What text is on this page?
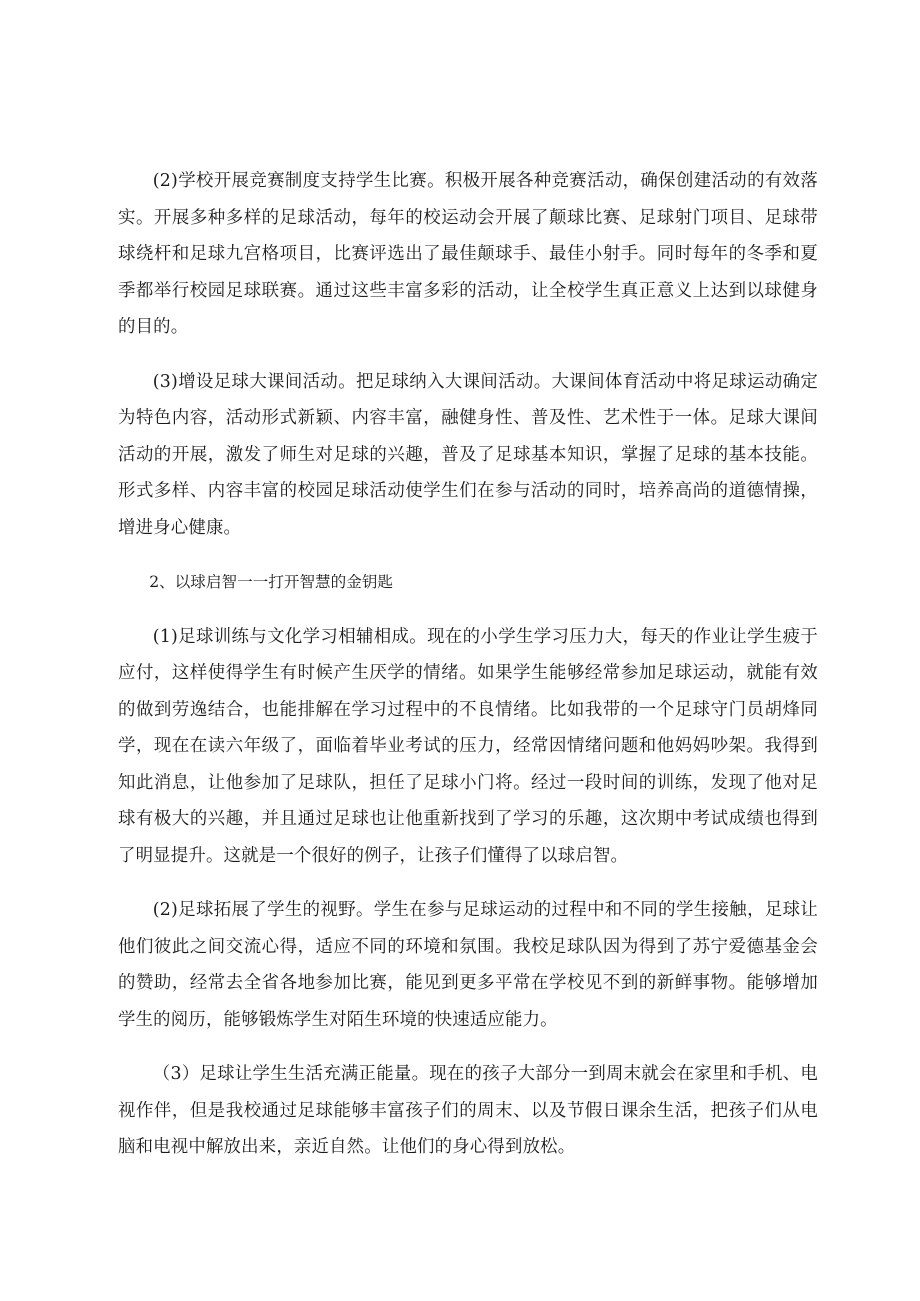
(2)学校开展竞赛制度支持学生比赛。积极开展各种竞赛活动，确保创建活动的有效落实。开展多种多样的足球活动，每年的校运动会开展了颠球比赛、足球射门项目、足球带球绕杆和足球九宫格项目，比赛评选出了最佳颠球手、最佳小射手。同时每年的冬季和夏季都举行校园足球联赛。通过这些丰富多彩的活动，让全校学生真正意义上达到以球健身的目的。

(3)增设足球大课间活动。把足球纳入大课间活动。大课间体育活动中将足球运动确定为特色内容，活动形式新颖、内容丰富，融健身性、普及性、艺术性于一体。足球大课间活动的开展，激发了师生对足球的兴趣，普及了足球基本知识，掌握了足球的基本技能。形式多样、内容丰富的校园足球活动使学生们在参与活动的同时，培养高尚的道德情操，增进身心健康。

2、以球启智一一打开智慧的金钥匙

(1)足球训练与文化学习相辅相成。现在的小学生学习压力大，每天的作业让学生疲于应付，这样使得学生有时候产生厌学的情绪。如果学生能够经常参加足球运动，就能有效的做到劳逸结合，也能排解在学习过程中的不良情绪。比如我带的一个足球守门员胡烽同学，现在在读六年级了，面临着毕业考试的压力，经常因情绪问题和他妈妈吵架。我得到知此消息，让他参加了足球队，担任了足球小门将。经过一段时间的训练，发现了他对足球有极大的兴趣，并且通过足球也让他重新找到了学习的乐趣，这次期中考试成绩也得到了明显提升。这就是一个很好的例子，让孩子们懂得了以球启智。

(2)足球拓展了学生的视野。学生在参与足球运动的过程中和不同的学生接触，足球让他们彼此之间交流心得，适应不同的环境和氛围。我校足球队因为得到了苏宁爱德基金会的赞助，经常去全省各地参加比赛，能见到更多平常在学校见不到的新鲜事物。能够增加学生的阅历，能够锻炼学生对陌生环境的快速适应能力。

（3）足球让学生生活充满正能量。现在的孩子大部分一到周末就会在家里和手机、电视作伴，但是我校通过足球能够丰富孩子们的周末、以及节假日课余生活，把孩子们从电脑和电视中解放出来，亲近自然。让他们的身心得到放松。
